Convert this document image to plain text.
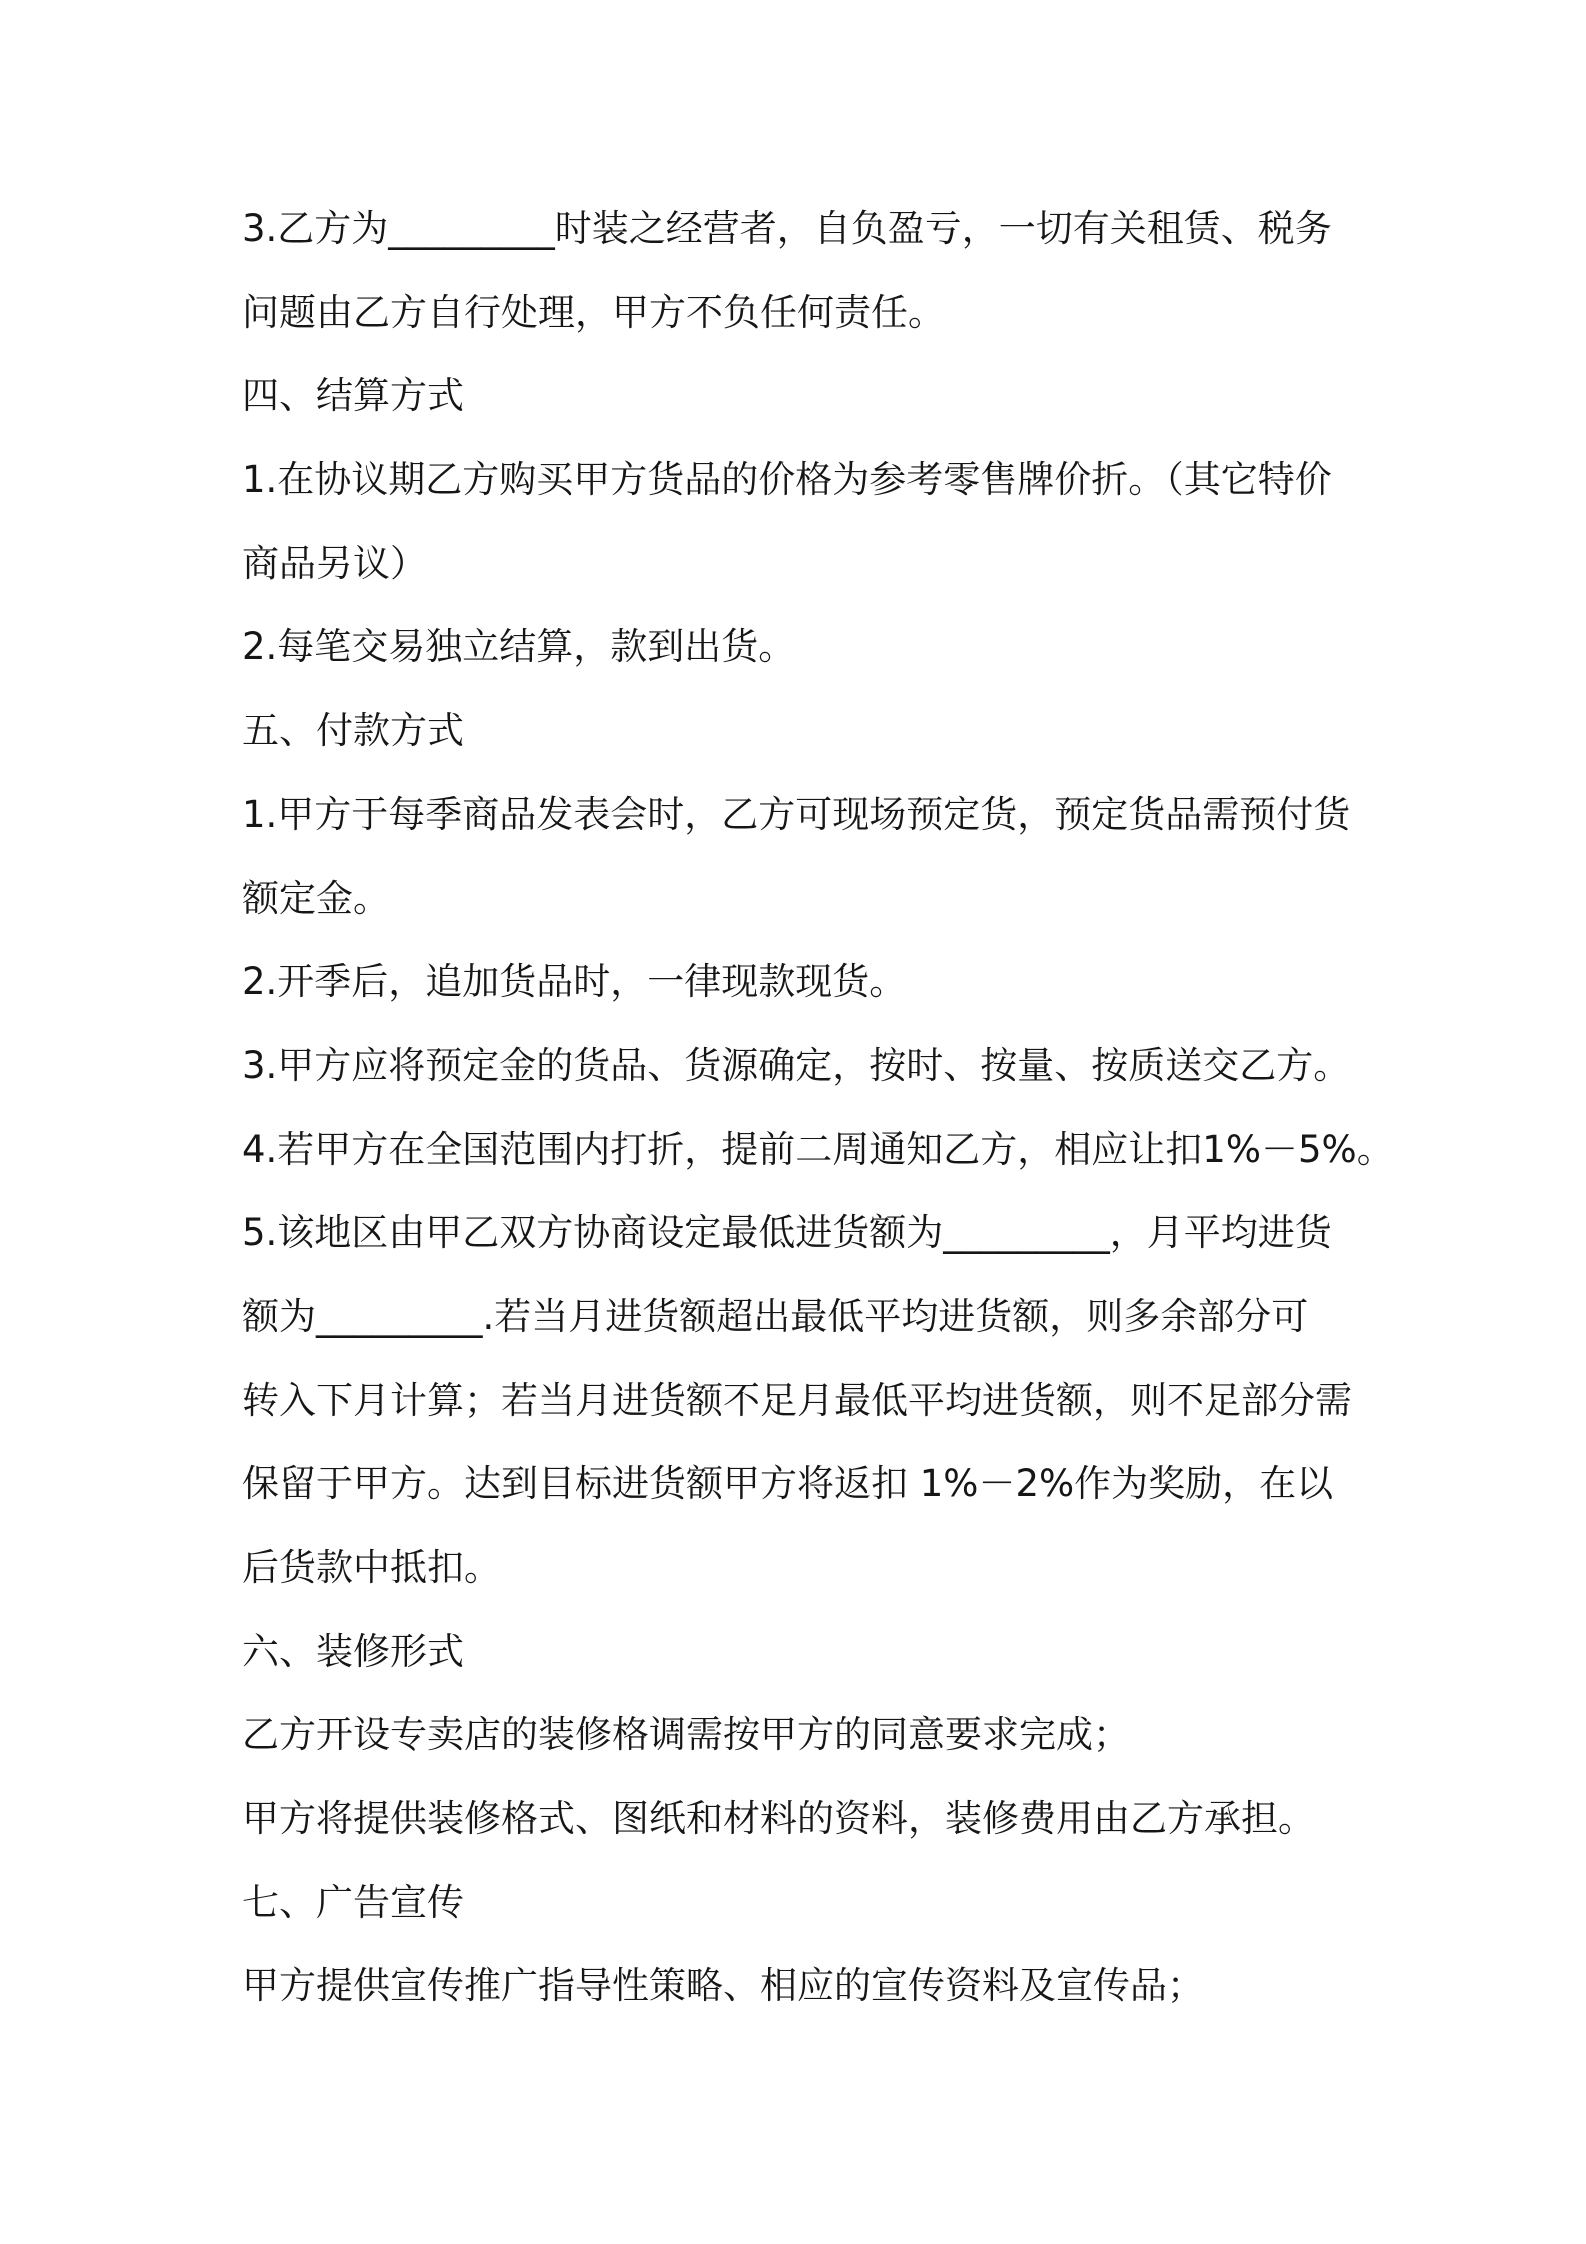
3.乙方为_________时装之经营者，自负盈亏，一切有关租赁、税务

问题由乙方自行处理，甲方不负任何责任。

四、结算方式

1.在协议期乙方购买甲方货品的价格为参考零售牌价折。（其它特价

商品另议）

2.每笔交易独立结算，款到出货。

五、付款方式

1.甲方于每季商品发表会时，乙方可现场预定货，预定货品需预付货

额定金。

2.开季后，追加货品时，一律现款现货。

3.甲方应将预定金的货品、货源确定，按时、按量、按质送交乙方。

4.若甲方在全国范围内打折，提前二周通知乙方，相应让扣1%－5%。

5.该地区由甲乙双方协商设定最低进货额为_________，月平均进货

额为_________.若当月进货额超出最低平均进货额，则多余部分可

转入下月计算；若当月进货额不足月最低平均进货额，则不足部分需

保留于甲方。达到目标进货额甲方将返扣 1%－2%作为奖励，在以

后货款中抵扣。

六、装修形式

乙方开设专卖店的装修格调需按甲方的同意要求完成；

甲方将提供装修格式、图纸和材料的资料，装修费用由乙方承担。

七、广告宣传

甲方提供宣传推广指导性策略、相应的宣传资料及宣传品；
